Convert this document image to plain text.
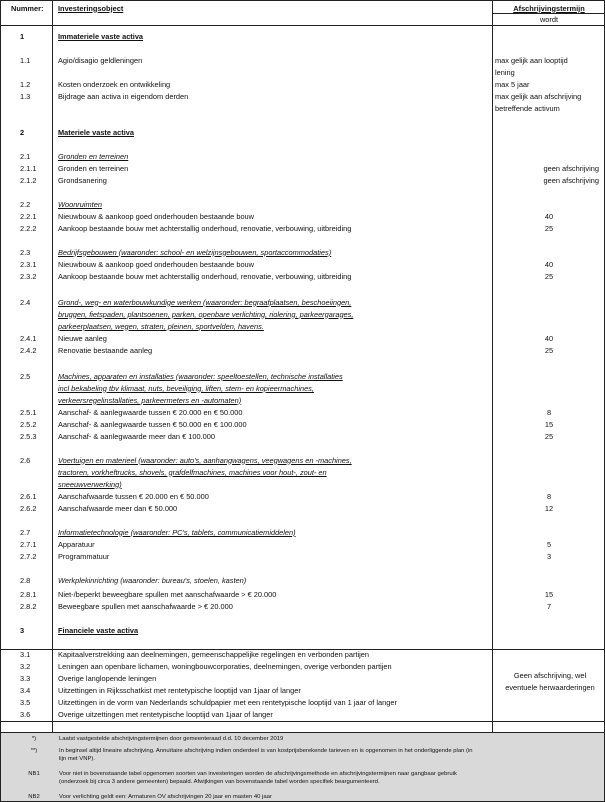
Nummer:	Investeringsobject	Afschrijvingstermijn
wordt
1	Immateriele vaste activa
1.1	Agio/disagio geldleningen	max gelijk aan looptijd
lening
1.2	Kosten onderzoek en ontwikkeling	max 5 jaar
1.3	Bijdrage aan activa in eigendom derden	max gelijk aan afschrijving
betreffende activum
2	Materiele vaste activa
2.1	Gronden en terreinen
2.1.1	Gronden en terreinen	geen afschrijving
2.1.2	Grondsanering	geen afschrijving
2.2	Woonruimten
2.2.1	Nieuwbouw & aankoop goed onderhouden bestaande bouw	40
2.2.2	Aankoop bestaande bouw met achterstallig onderhoud, renovatie, verbouwing, uitbreiding	25
2.3	Bedrijfsgebouwen (waaronder: school- en welzijnsgebouwen, sportaccommodaties)
2.3.1	Nieuwbouw & aankoop goed onderhouden bestaande bouw	40
2.3.2	Aankoop bestaande bouw met achterstallig onderhoud, renovatie, verbouwing, uitbreiding	25
2.4	Grond-, weg- en waterbouwkundige werken (waaronder: begraafplaatsen, beschoeiingen,
bruggen, fietspaden, plantsoenen, parken, openbare verlichting, riolering, parkeergarages,
parkeerplaatsen, wegen, straten, pleinen, sportvelden, havens.
2.4.1	Nieuwe aanleg	40
2.4.2	Renovatie bestaande aanleg	25
2.5	Machines, apparaten en installaties (waaronder: speeltoestellen, technische installaties
incl bekabeling tbv klimaat, nuts, beveiliging, liften, stem- en kopieermachines,
verkeersregelinstallaties, parkeermeters en -automaten)
2.5.1	Aanschaf- & aanlegwaarde tussen € 20.000 en € 50.000	8
2.5.2	Aanschaf- & aanlegwaarde tussen € 50.000 en € 100.000	15
2.5.3	Aanschaf- & aanlegwaarde meer dan € 100.000	25
2.6	Voertuigen en materieel (waaronder: auto's, aanhangwagens, veegwagens en -machines,
tractoren, vorkheftrucks, shovels, grafdelfmachines, machines voor hout-, zout- en
sneeuwverwerking)
2.6.1	Aanschafwaarde tussen € 20.000 en € 50.000	8
2.6.2	Aanschafwaarde meer dan € 50.000	12
2.7	Informatietechnologie (waaronder: PC's, tablets, communicatiemiddelen)
2.7.1	Apparatuur	5
2.7.2	Programmatuur	3
2.8	Werkplekinrichting (waaronder: bureau's, stoelen, kasten)
2.8.1	Niet-/beperkt beweegbare spullen met aanschafwaarde > € 20.000	15
2.8.2	Beweegbare spullen met aanschafwaarde > € 20.000	7
3	Financiele vaste activa
3.1	Kapitaalverstrekking aan deelnemingen, gemeenschappelijke regelingen en verbonden partijen
3.2	Leningen aan openbare lichamen, woningbouwcorporaties, deelnemingen, overige verbonden partijen
3.3	Overige langlopende leningen
3.4	Uitzettingen in Rijksschatkist met rentetypische looptijd van 1jaar of langer
3.5	Uitzettingen in de vorm van Nederlands schuldpapier met een rentetypische looptijd van 1 jaar of langer
3.6	Overige uitzettingen met rentetypische looptijd van 1jaar of langer
Geen afschrijving, wel
eventuele herwaarderingen
*)	Laatst vastgestelde afschrijvingstermijnen door gemeenteraad d.d. 10 december 2019
**)	In beginsel altijd lineaire afschrijving. Annuïtaire afschrijving indien onderdeel is van kostprijsberekende tarieven en is opgenomen in het onderliggende plan (in
lijn met VNP).
NB1	Voor niet in bovenstaande tabel opgenomen soorten van investeringen worden de afschrijvingsmethode en afschrijvingstermijnen naar gangbaar gebruik
(onderzoek bij circa 3 andere gemeenten) bepaald. Afwijkingen van bovenstaande tabel worden specifiek beargumenteerd.
NB2	Voor verlichting geldt een: Armaturen OV afschrijvingen 20 jaar en masten 40 jaar
